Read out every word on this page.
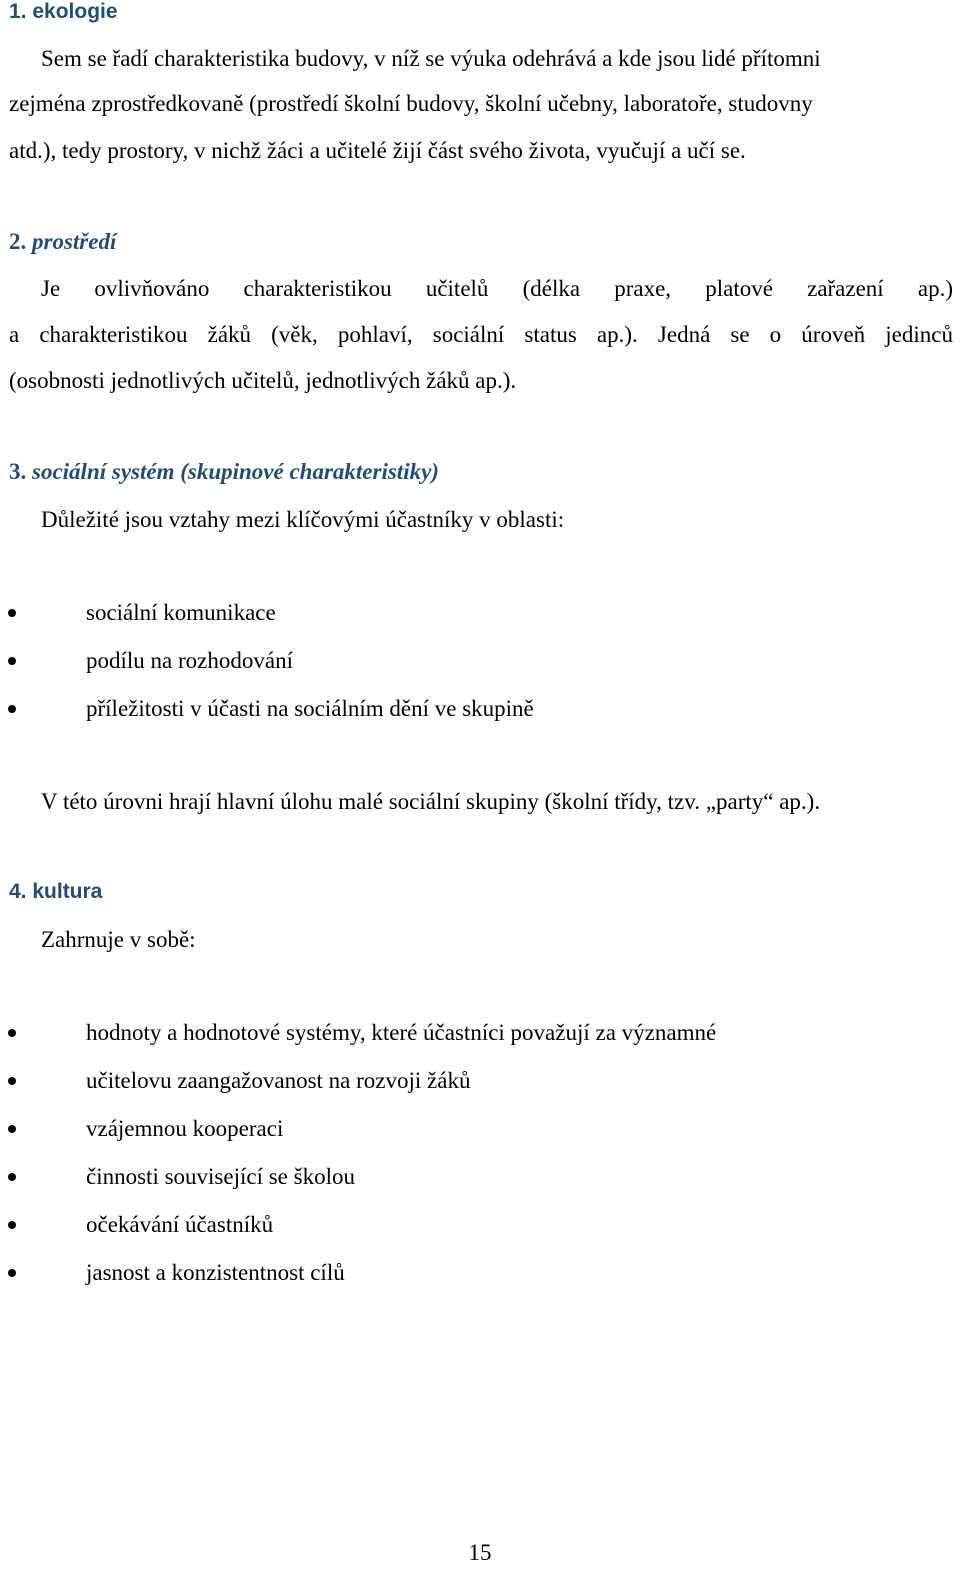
1. ekologie
Sem se řadí charakteristika budovy, v níž se výuka odehrává a kde jsou lidé přítomni
zejména zprostředkovaně (prostředí školní budovy, školní učebny, laboratoře, studovny
atd.), tedy prostory, v nichž žáci a učitelé žijí část svého života, vyučují a učí se.
2. prostředí
Je ovlivňováno charakteristikou učitelů (délka praxe, platové zařazení ap.)
a charakteristikou žáků (věk, pohlaví, sociální status ap.). Jedná se o úroveň jedinců
(osobnosti jednotlivých učitelů, jednotlivých žáků ap.).
3. sociální systém (skupinové charakteristiky)
Důležité jsou vztahy mezi klíčovými účastníky v oblasti:
sociální komunikace
podílu na rozhodování
příležitosti v účasti na sociálním dění ve skupině
V této úrovni hrají hlavní úlohu malé sociální skupiny (školní třídy, tzv. „party“ ap.).
4. kultura
Zahrnuje v sobě:
hodnoty a hodnotové systémy, které účastníci považují za významné
učitelovu zaangažovanost na rozvoji žáků
vzájemnou kooperaci
činnosti související se školou
očekávání účastníků
jasnost a konzistentnost cílů
15
